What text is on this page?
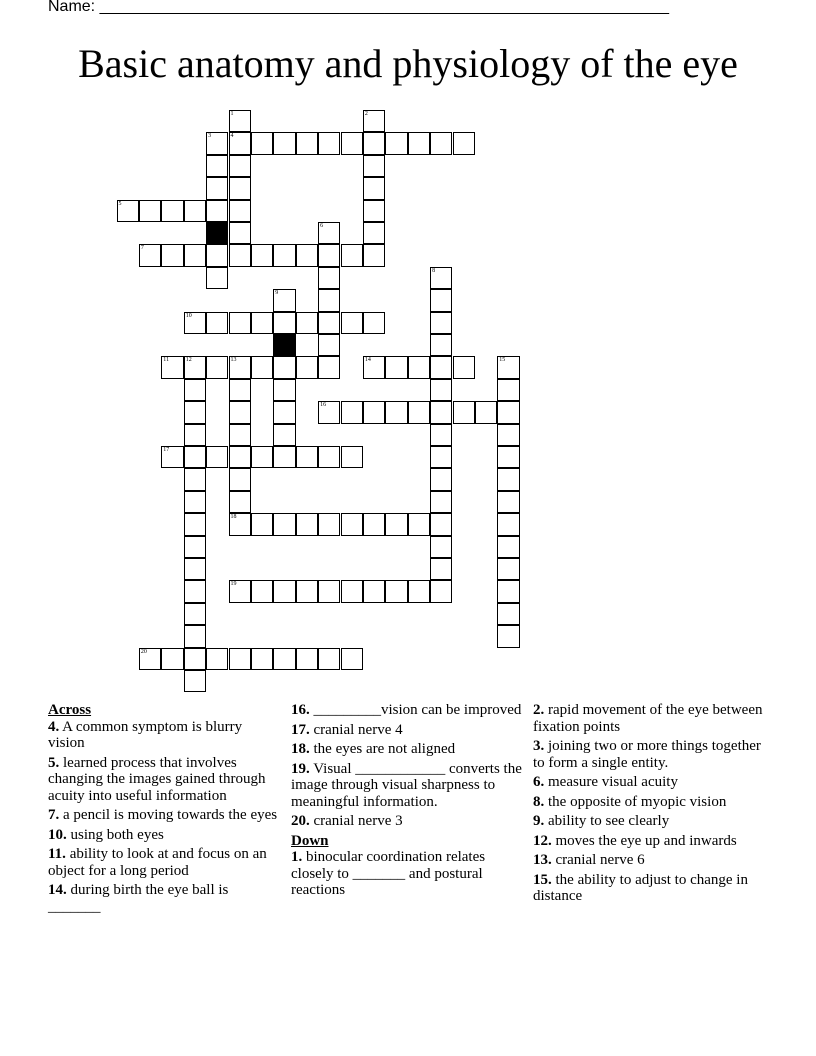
Name: ________________________________________________________________
Basic anatomy and physiology of the eye
1
4
2
3
5
6
7
8
9
10
11	12	13	14	15
16
17
18
19
20

Across

4. A common symptom is blurry vision

5. learned process that involves changing the images gained through acuity into useful information

7. a pencil is moving towards the eyes

10. using both eyes

11. ability to look at and focus on an object for a long period

14. during birth the eye ball is _______

16. _________vision can be improved

17. cranial nerve 4

18. the eyes are not aligned

19. Visual ____________ converts the image through visual sharpness to meaningful information.

20. cranial nerve 3

Down

1. binocular coordination relates closely to _______ and postural reactions

2. rapid movement of the eye between fixation points

3. joining two or more things together to form a single entity.

6. measure visual acuity

8. the opposite of myopic vision

9. ability to see clearly

12. moves the eye up and inwards

13. cranial nerve 6

15. the ability to adjust to change in distance
